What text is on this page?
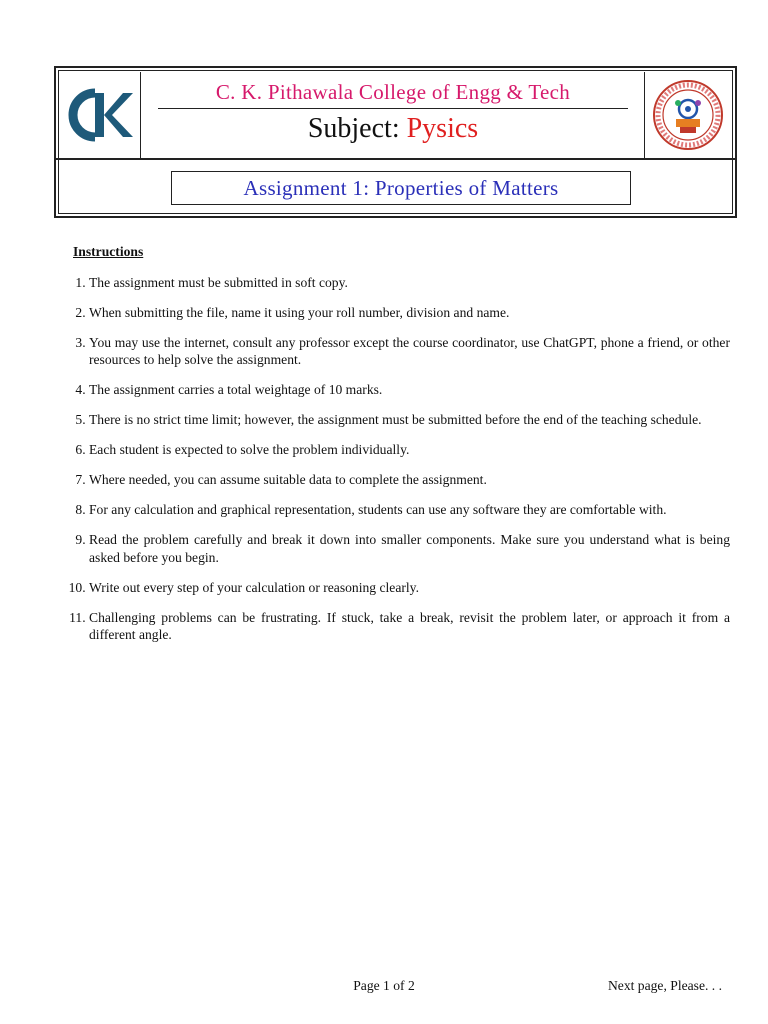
C. K. Pithawala College of Engg & Tech
Subject: Pysics
Assignment 1: Properties of Matters
Instructions
1. The assignment must be submitted in soft copy.
2. When submitting the file, name it using your roll number, division and name.
3. You may use the internet, consult any professor except the course coordinator, use ChatGPT, phone a friend, or other resources to help solve the assignment.
4. The assignment carries a total weightage of 10 marks.
5. There is no strict time limit; however, the assignment must be submitted before the end of the teaching schedule.
6. Each student is expected to solve the problem individually.
7. Where needed, you can assume suitable data to complete the assignment.
8. For any calculation and graphical representation, students can use any software they are comfortable with.
9. Read the problem carefully and break it down into smaller components. Make sure you understand what is being asked before you begin.
10. Write out every step of your calculation or reasoning clearly.
11. Challenging problems can be frustrating. If stuck, take a break, revisit the problem later, or approach it from a different angle.
Page 1 of 2	Next page, Please. . .
